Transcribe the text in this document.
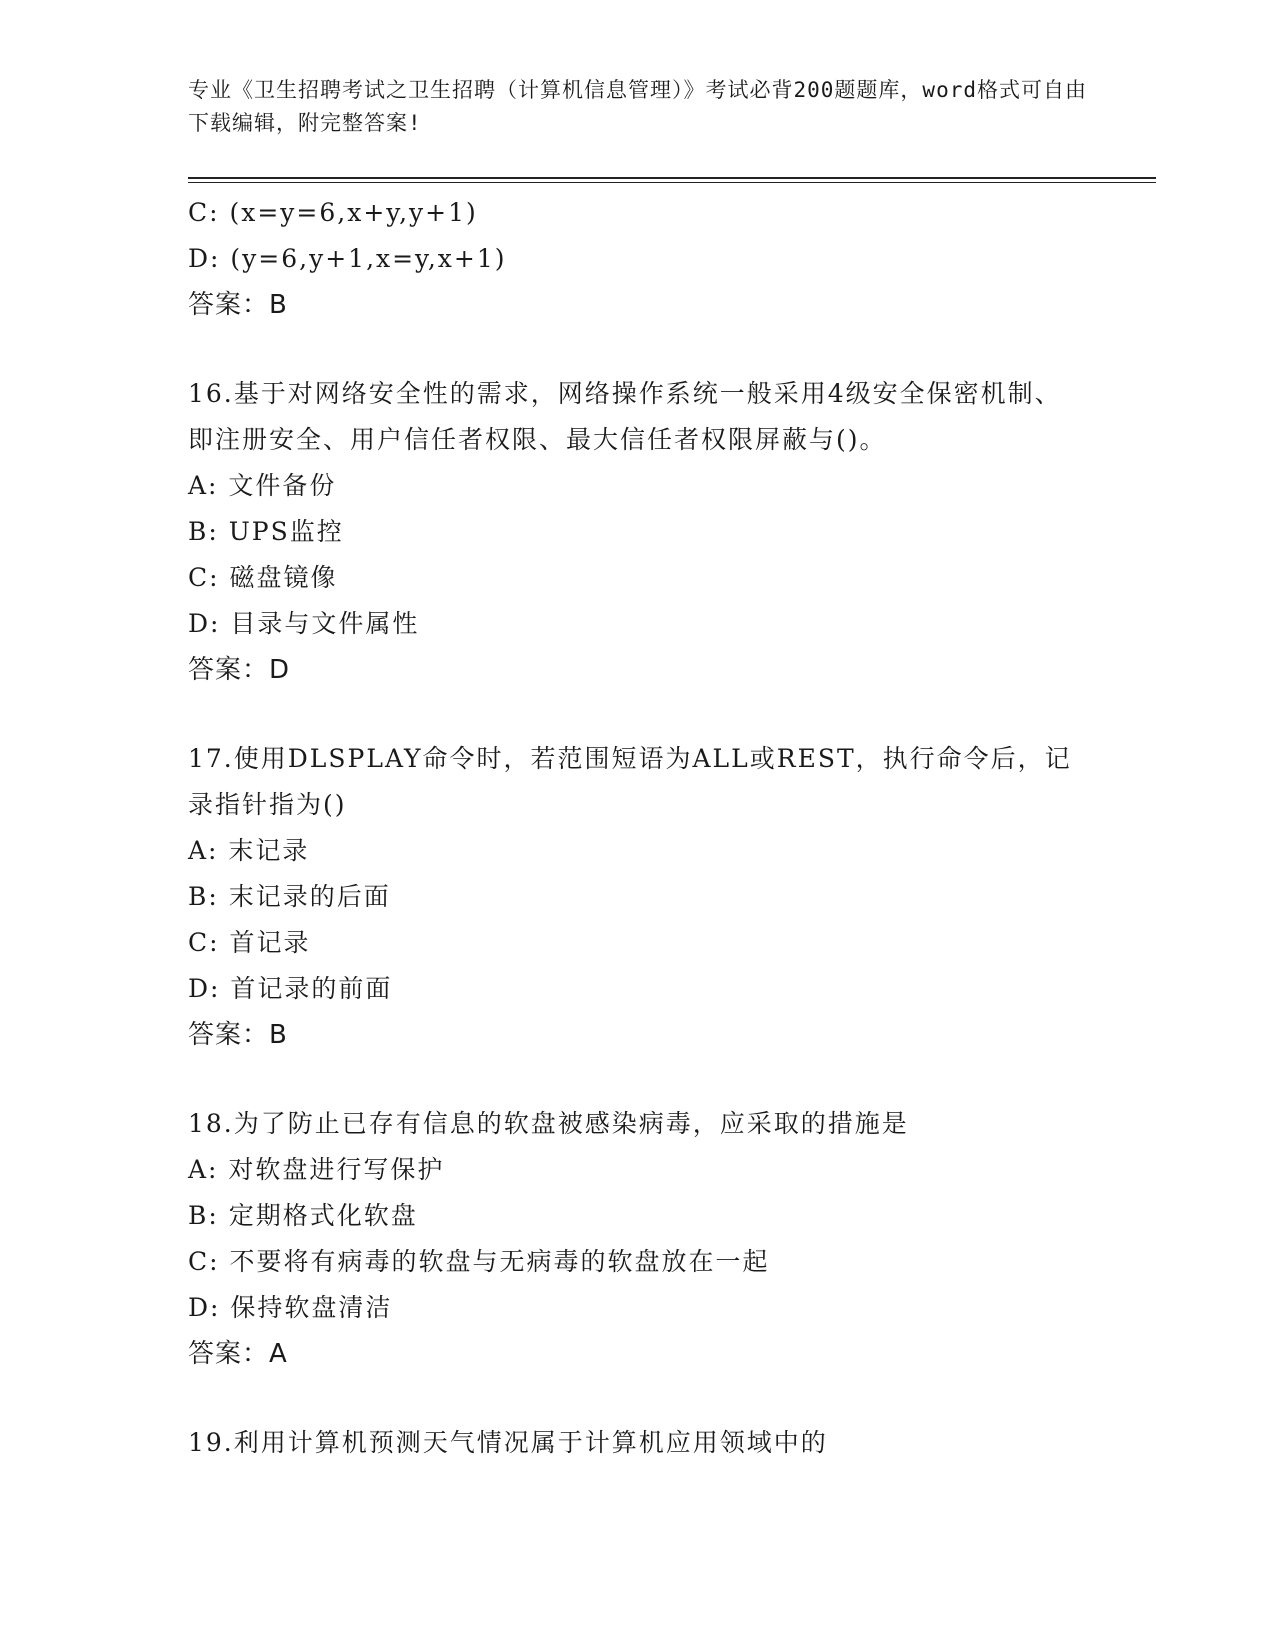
专业《卫生招聘考试之卫生招聘（计算机信息管理）》考试必背200题题库，word格式可自由下载编辑，附完整答案!
C: (x=y=6,x+y,y+1)
D: (y=6,y+1,x=y,x+1)
答案：B
16.基于对网络安全性的需求，网络操作系统一般采用4级安全保密机制、即注册安全、用户信任者权限、最大信任者权限屏蔽与()。
A: 文件备份
B: UPS监控
C: 磁盘镜像
D: 目录与文件属性
答案：D
17.使用DLSPLAY命令时，若范围短语为ALL或REST，执行命令后，记录指针指为()
A: 末记录
B: 末记录的后面
C: 首记录
D: 首记录的前面
答案：B
18.为了防止已存有信息的软盘被感染病毒，应采取的措施是
A: 对软盘进行写保护
B: 定期格式化软盘
C: 不要将有病毒的软盘与无病毒的软盘放在一起
D: 保持软盘清洁
答案：A
19.利用计算机预测天气情况属于计算机应用领域中的
